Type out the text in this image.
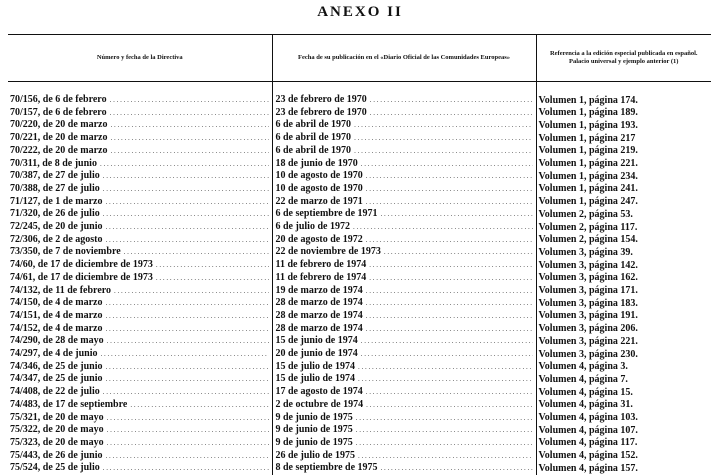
ANEXO II
Número y fecha de la Directiva	Fecha de su publicación en el «Diario Oficial de las Comunidades Europeas»	Referencia a la edición especial publicada en español. Palacio universal y ejemplo anterior (1)

70/156, de 6 de febrero
. . .	23 de febrero de 1970
. . .	Volumen 1, página 174.

70/157, de 6 de febrero
. . .	23 de febrero de 1970
. . .	Volumen 1, página 189.

70/220, de 20 de marzo
. . .	6 de abril de 1970
. . .	Volumen 1, página 193.

70/221, de 20 de marzo
. . .	6 de abril de 1970
. . .	Volumen 1, página 217

70/222, de 20 de marzo
. . .	6 de abril de 1970
. . .	Volumen 1, página 219.

70/311, de 8 de junio
. . .	18 de junio de 1970
. . .	Volumen 1, página 221.

70/387, de 27 de julio
. . .	10 de agosto de 1970
. . .	Volumen 1, página 234.

70/388, de 27 de julio
. . .	10 de agosto de 1970
. . .	Volumen 1, página 241.

71/127, de 1 de marzo
. . .	22 de marzo de 1971
. . .	Volumen 1, página 247.

71/320, de 26 de julio
. . .	6 de septiembre de 1971
. . .	Volumen 2, página 53.

72/245, de 20 de junio
. . .	6 de julio de 1972
. . .	Volumen 2, página 117.

72/306, de 2 de agosto
. . .	20 de agosto de 1972
. . .	Volumen 2, página 154.

73/350, de 7 de noviembre
. . .	22 de noviembre de 1973
. . .	Volumen 3, página 39.

74/60, de 17 de diciembre de 1973
. . .	11 de febrero de 1974
. . .	Volumen 3, página 142.

74/61, de 17 de diciembre de 1973
. . .	11 de febrero de 1974
. . .	Volumen 3, página 162.

74/132, de 11 de febrero
. . .	19 de marzo de 1974
. . .	Volumen 3, página 171.

74/150, de 4 de marzo
. . .	28 de marzo de 1974
. . .	Volumen 3, página 183.

74/151, de 4 de marzo
. . .	28 de marzo de 1974
. . .	Volumen 3, página 191.

74/152, de 4 de marzo
. . .	28 de marzo de 1974
. . .	Volumen 3, página 206.

74/290, de 28 de mayo
. . .	15 de junio de 1974
. . .	Volumen 3, página 221.

74/297, de 4 de junio
. . .	20 de junio de 1974
. . .	Volumen 3, página 230.

74/346, de 25 de junio
. . .	15 de julio de 1974
. . .	Volumen 4, página 3.

74/347, de 25 de junio
. . .	15 de julio de 1974
. . .	Volumen 4, página 7.

74/408, de 22 de julio
. . .	17 de agosto de 1974
. . .	Volumen 4, página 15.

74/483, de 17 de septiembre
. . .	2 de octubre de 1974
. . .	Volumen 4, página 31.

75/321, de 20 de mayo
. . .	9 de junio de 1975
. . .	Volumen 4, página 103.

75/322, de 20 de mayo
. . .	9 de junio de 1975
. . .	Volumen 4, página 107.

75/323, de 20 de mayo
. . .	9 de junio de 1975
. . .	Volumen 4, página 117.

75/443, de 26 de junio
. . .	26 de julio de 1975
. . .	Volumen 4, página 152.

75/524, de 25 de julio
. . .	8 de septiembre de 1975
. . .	Volumen 4, página 157.
